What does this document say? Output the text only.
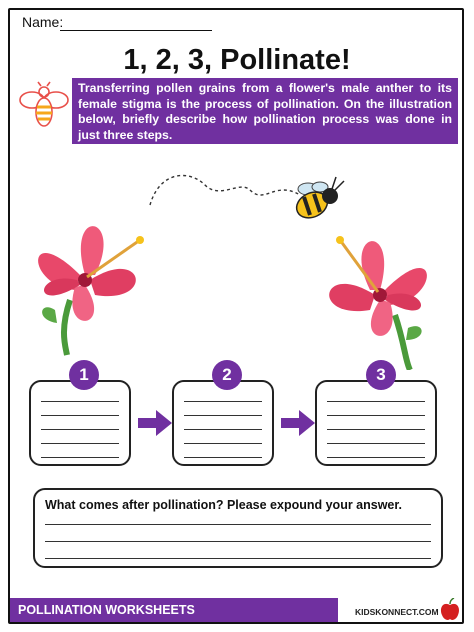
Name:
1, 2, 3, Pollinate!
Transferring pollen grains from a flower's male anther to its female stigma is the process of pollination. On the illustration below, briefly describe how pollination process was done in just three steps.
1	2	3
What comes after pollination? Please expound your answer.
POLLINATION WORKSHEETS	KIDSKONNECT.COM
